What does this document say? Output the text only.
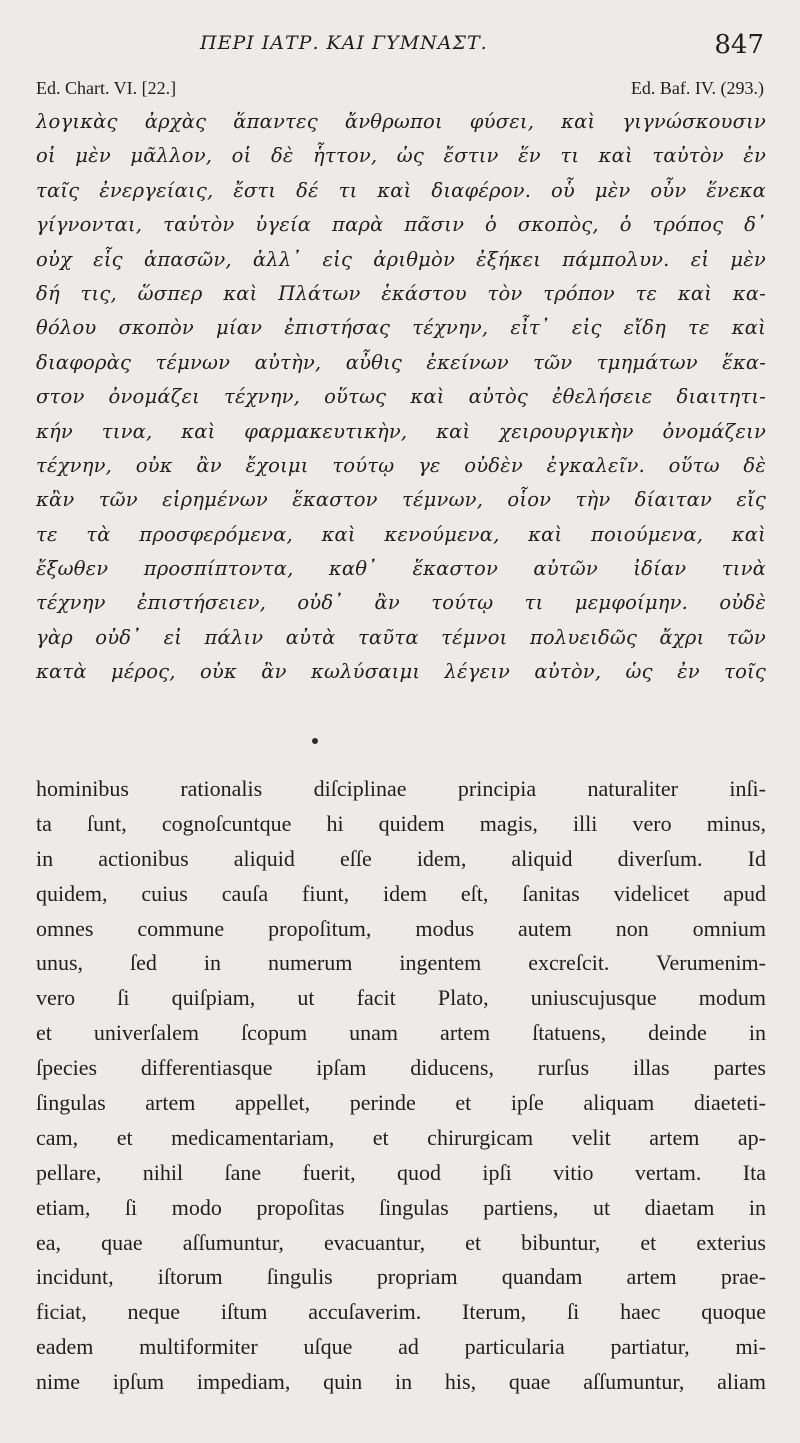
ΠΕΡΙ ΙΑΤΡ. ΚΑΙ ΓΥΜΝΑΣΤ.	847
Ed. Chart. VI. [22.]	Ed. Baf. IV. (293.)
λογικὰς ἀρχὰς ἅπαντες ἄνθρωποι φύσει, καὶ γιγνώσκουσιν
οἱ μὲν μᾶλλον, οἱ δὲ ἧττον, ὡς ἔστιν ἕν τι καὶ ταὐτὸν ἐν
ταῖς ἐνεργείαις, ἔστι δέ τι καὶ διαφέρον. οὗ μὲν οὖν ἕνεκα
γίγνονται, ταὐτὸν ὑγεία παρὰ πᾶσιν ὁ σκοπὸς, ὁ τρόπος δ᾽
οὐχ εἷς ἁπασῶν, ἀλλ᾽ εἰς ἀριθμὸν ἐξήκει πάμπολυν. εἰ μὲν
δή τις, ὥσπερ καὶ Πλάτων ἑκάστου τὸν τρόπον τε καὶ κα-
θόλου σκοπὸν μίαν ἐπιστήσας τέχνην, εἶτ᾽ εἰς εἴδη τε καὶ
διαφορὰς τέμνων αὐτὴν, αὖθις ἐκείνων τῶν τμημάτων ἕκα-
στον ὀνομάζει τέχνην, οὕτως καὶ αὐτὸς ἐθελήσειε διαιτητι-
κήν τινα, καὶ φαρμακευτικὴν, καὶ χειρουργικὴν ὀνομάζειν
τέχνην, οὐκ ἂν ἔχοιμι τούτῳ γε οὐδὲν ἐγκαλεῖν. οὕτω δὲ
κἂν τῶν εἰρημένων ἕκαστον τέμνων, οἷον τὴν δίαιταν εἴς
τε τὰ προσφερόμενα, καὶ κενούμενα, καὶ ποιούμενα, καὶ
ἔξωθεν προσπίπτοντα, καθ᾽ ἕκαστον αὐτῶν ἰδίαν τινὰ
τέχνην ἐπιστήσειεν, οὐδ᾽ ἂν τούτῳ τι μεμφοίμην. οὐδὲ
γὰρ οὐδ᾽ εἰ πάλιν αὐτὰ ταῦτα τέμνοι πολυειδῶς ἄχρι τῶν
κατὰ μέρος, οὐκ ἂν κωλύσαιμι λέγειν αὐτὸν, ὡς ἐν τοῖς
hominibus rationalis diſciplinae principia naturaliter inſi-
ta ſunt, cognoſcuntque hi quidem magis, illi vero minus,
in actionibus aliquid eſſe idem, aliquid diverſum. Id
quidem, cuius cauſa fiunt, idem eſt, ſanitas videlicet apud
omnes commune propoſitum, modus autem non omnium
unus, ſed in numerum ingentem excreſcit. Verumenim-
vero ſi quiſpiam, ut facit Plato, uniuscujusque modum
et univerſalem ſcopum unam artem ſtatuens, deinde in
ſpecies differentiasque ipſam diducens, rurſus illas partes
ſingulas artem appellet, perinde et ipſe aliquam diaeteti-
cam, et medicamentariam, et chirurgicam velit artem ap-
pellare, nihil ſane fuerit, quod ipſi vitio vertam. Ita
etiam, ſi modo propoſitas ſingulas partiens, ut diaetam in
ea, quae aſſumuntur, evacuantur, et bibuntur, et exterius
incidunt, iſtorum ſingulis propriam quandam artem prae-
ficiat, neque iſtum accuſaverim. Iterum, ſi haec quoque
eadem multiformiter uſque ad particularia partiatur, mi-
nime ipſum impediam, quin in his, quae aſſumuntur, aliam
